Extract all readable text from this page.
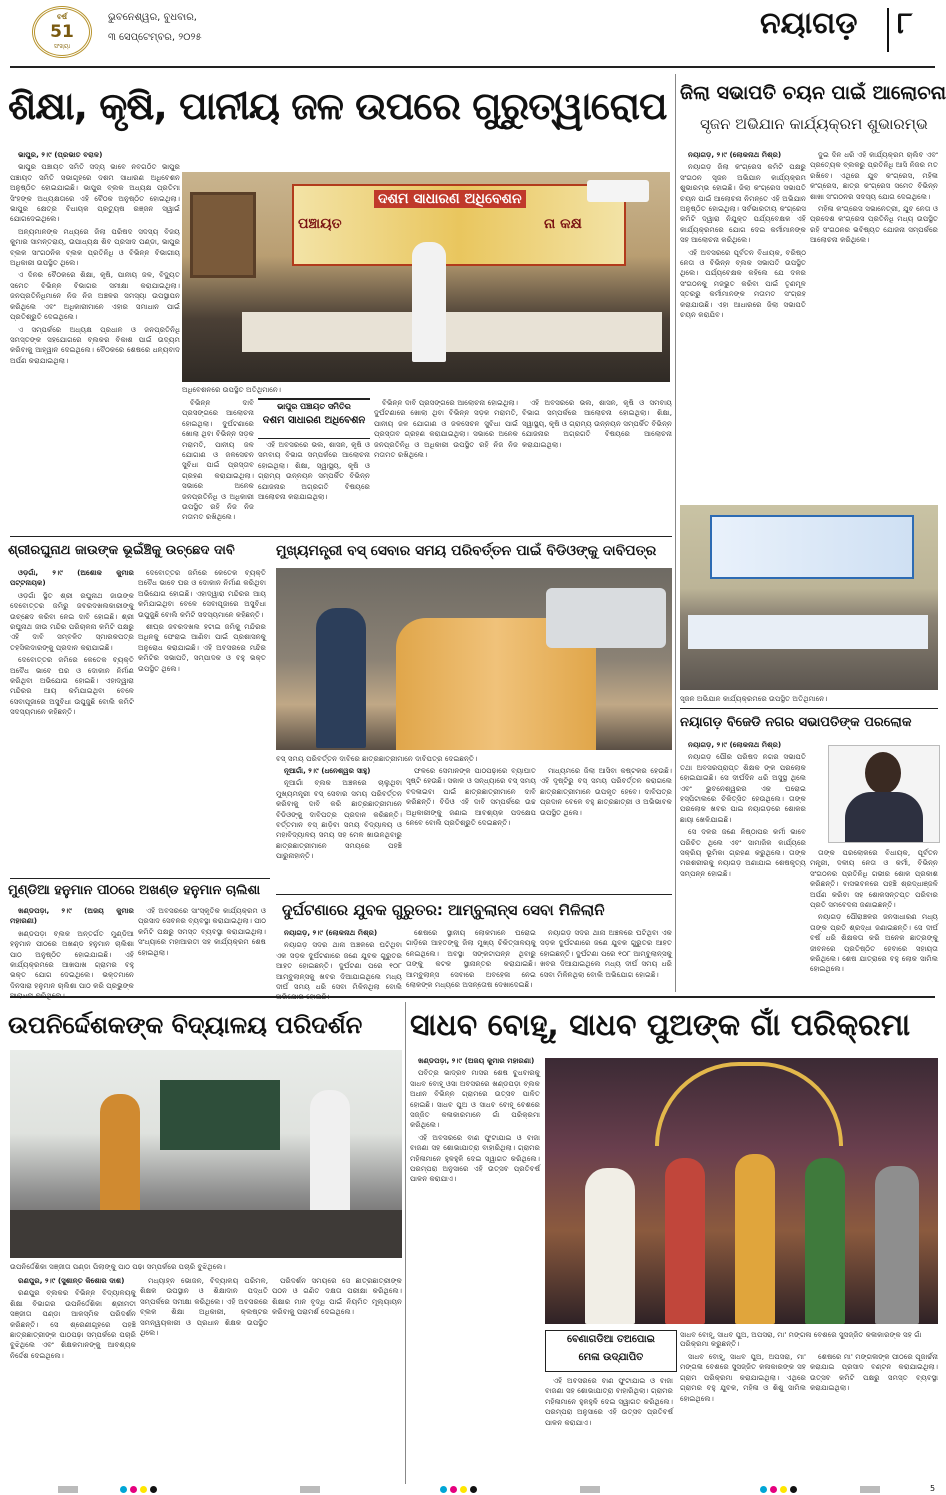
ବର୍ଷ
51
ସଂଖ୍ୟା
ଭୁବନେଶ୍ୱର, ବୁଧବାର,
୩ ସେପ୍ଟେମ୍ବର, ୨୦୨୫	ନୟାଗଡ଼ ୮
ଶିକ୍ଷା, କୃଷି, ପାନୀୟ ଜଳ ଉପରେ ଗୁରୁତ୍ୱାରୋପ

ଭାପୁର, ୨।୯ (ପ୍ରଭାତ ବରାଳ)

ଭାପୁର ପଞ୍ଚାୟତ ସମିତି ସଦ୍ୟ ଭାବେ ନବଗଠିତ ଭାପୁର ପଞ୍ଚାୟତ ସମିତି ସଭାଗୃହରେ ଦଶମ ସାଧାରଣ ଅଧିବେଶନ ଅନୁଷ୍ଠିତ ହୋଇଯାଇଛି। ଭାପୁର ବ୍ଲକ ଅଧ୍ୟକ୍ଷ ପ୍ରତିମା ସିଂହଙ୍କ ଅଧ୍ୟକ୍ଷତାରେ ଏହି ବୈଠକ ଅନୁଷ୍ଠିତ ହୋଇଥିଲା। ଭାପୁର କ୍ଷେତ୍ର ବିଧାୟକ ପ୍ରତ୍ୟୁଷ ରଞ୍ଜନ ସ୍ୱାଇଁ ଯୋଗଦେଇଥିଲେ।

ଅନ୍ୟମାନଙ୍କ ମଧ୍ୟରେ ଜିଲା ପରିଷଦ ସଦସ୍ୟ ବିଜୟ କୁମାର ସାମନ୍ତରାୟ, ଉପାଧ୍ୟକ୍ଷ ଶିବ ପ୍ରସାଦ ପଣ୍ଡା, ଭାପୁର ବ୍ଲକ ସାଂଗଠନିକ ବ୍ଲକ ପ୍ରତିନିଧି ଓ ବିଭିନ୍ନ ବିଭାଗୀୟ ଅଧିକାରୀ ଉପସ୍ଥିତ ଥିଲେ।

ଏ ଦିନର ବୈଠକରେ ଶିକ୍ଷା, କୃଷି, ପାନୀୟ ଜଳ, ବିଦ୍ୟୁତ ସମେତ ବିଭିନ୍ନ ବିଭାଗର ସମୀକ୍ଷା କରାଯାଇଥିଲା। ଜନପ୍ରତିନିଧିମାନେ ନିଜ ନିଜ ଅଞ୍ଚଳର ସମସ୍ୟା ଉପସ୍ଥାପନ କରିଥିଲେ ଏବଂ ଅଧିକାରୀମାନେ ଏହାର ସମାଧାନ ପାଇଁ ପ୍ରତିଶ୍ରୁତି ଦେଇଥିଲେ।

ଏ ସମ୍ପର୍କରେ ଅଧ୍ୟକ୍ଷ ପ୍ରଧାନ ଓ ଜନପ୍ରତିନିଧି ସମସ୍ତଙ୍କ ସହଯୋଗରେ ବ୍ଲକର ବିକାଶ ପାଇଁ ଉଦ୍ୟମ କରିବାକୁ ଆହ୍ୱାନ ଦେଇଥିଲେ। ବୈଠକରେ ଶେଷରେ ଧନ୍ୟବାଦ ଅର୍ପଣ କରାଯାଇଥିଲା।

ପଞ୍ଚାୟତ
ଦଶମ ସାଧାରଣ ଅଧିବେଶନ
ନା କକ୍ଷ
ଅଧିବେଶନରେ ଉପସ୍ଥିତ ଅତିଥିମାନେ।
ଭାପୁର ପଞ୍ଚାୟତ ସମିତିର
ଦଶମ ସାଧାରଣ ଅଧିବେଶନ

ବିଭିନ୍ନ ଦାବି ପ୍ରସଙ୍ଗରେ ଆଲୋଚନା ହୋଇଥିଲା। ଦୁର୍ଘଟଣାରେ ଖୋଲା ଥିବା ବିଭିନ୍ନ ସଡ଼କ ମରାମତି, ପାନୀୟ ଜଳ ଯୋଗାଣ ଓ ଜଳସେଚନ ସୁବିଧା ପାଇଁ ପ୍ରସ୍ତାବ ଗ୍ରହଣ କରାଯାଇଥିଲା। ସଭାରେ ଅନେକ ଜନପ୍ରତିନିଧି ଓ ଅଧିକାରୀ ଉପସ୍ଥିତ ରହି ନିଜ ନିଜ ମତାମତ ରଖିଥିଲେ।

ଏହି ଅବସରରେ ଭଲ, ଶାସନ, କୃଷି ଓ ସମବାୟ ବିଭାଗ ସମ୍ପର୍କରେ ଆଲୋଚନା ହୋଇଥିଲା। ଶିକ୍ଷା, ସ୍ୱାସ୍ଥ୍ୟ, କୃଷି ଓ ଗ୍ରାମ୍ୟ ଉନ୍ନୟନ ସମ୍ପର୍କିତ ବିଭିନ୍ନ ଯୋଜନାର ଅଗ୍ରଗତି ବିଷୟରେ ଆଲୋଚନା କରାଯାଇଥିଲା।

ବିଭିନ୍ନ ଦାବି ପ୍ରସଙ୍ଗରେ ଆଲୋଚନା ହୋଇଥିଲା। ଦୁର୍ଘଟଣାରେ ଖୋଲା ଥିବା ବିଭିନ୍ନ ସଡ଼କ ମରାମତି, ପାନୀୟ ଜଳ ଯୋଗାଣ ଓ ଜଳସେଚନ ସୁବିଧା ପାଇଁ ପ୍ରସ୍ତାବ ଗ୍ରହଣ କରାଯାଇଥିଲା। ସଭାରେ ଅନେକ ଜନପ୍ରତିନିଧି ଓ ଅଧିକାରୀ ଉପସ୍ଥିତ ରହି ନିଜ ନିଜ ମତାମତ ରଖିଥିଲେ।

ଏହି ଅବସରରେ ଭଲ, ଶାସନ, କୃଷି ଓ ସମବାୟ ବିଭାଗ ସମ୍ପର୍କରେ ଆଲୋଚନା ହୋଇଥିଲା। ଶିକ୍ଷା, ସ୍ୱାସ୍ଥ୍ୟ, କୃଷି ଓ ଗ୍ରାମ୍ୟ ଉନ୍ନୟନ ସମ୍ପର୍କିତ ବିଭିନ୍ନ ଯୋଜନାର ଅଗ୍ରଗତି ବିଷୟରେ ଆଲୋଚନା କରାଯାଇଥିଲା।

ଜିଲା ସଭାପତି ଚୟନ ପାଇଁ ଆଲୋଚନା
ସୃଜନ ଅଭିଯାନ କାର୍ଯ୍ୟକ୍ରମ ଶୁଭାରମ୍ଭ

ନୟାଗଡ଼, ୨।୯ (ଲୋକନାଥ ମିଶ୍ର)

ନୟାଗଡ଼ ଜିଲା କଂଗ୍ରେସ କମିଟି ପକ୍ଷରୁ ସଂଗଠନ ସୃଜନ ଅଭିଯାନ କାର୍ଯ୍ୟକ୍ରମ ଶୁଭାରମ୍ଭ ହୋଇଛି। ଜିଲା କଂଗ୍ରେସ ସଭାପତି ଚୟନ ପାଇଁ ଆଲୋଚନା ନିମନ୍ତେ ଏହି ଅଭିଯାନ ଅନୁଷ୍ଠିତ ହୋଇଥିଲା। ସର୍ବଭାରତୀୟ କଂଗ୍ରେସ କମିଟି ଦ୍ୱାରା ନିଯୁକ୍ତ ପର୍ଯ୍ୟବେକ୍ଷକ ଏହି କାର୍ଯ୍ୟକ୍ରମରେ ଯୋଗ ଦେଇ କର୍ମୀମାନଙ୍କ ସହ ଆଲୋଚନା କରିଥିଲେ।

ଏହି ଅବସରରେ ପୂର୍ବତନ ବିଧାୟକ, ବରିଷ୍ଠ ନେତା ଓ ବିଭିନ୍ନ ବ୍ଲକ ସଭାପତି ଉପସ୍ଥିତ ଥିଲେ। ପର୍ଯ୍ୟବେକ୍ଷକ କହିଲେ ଯେ ଦଳର ସଂଗଠନକୁ ମଜଭୁତ କରିବା ପାଇଁ ତୃଣମୂଳ ସ୍ତରରୁ କର୍ମୀମାନଙ୍କ ମତାମତ ସଂଗ୍ରହ କରାଯାଉଛି। ଏହା ଆଧାରରେ ଜିଲା ସଭାପତି ଚୟନ କରାଯିବ।

ଦୁଇ ଦିନ ଧରି ଏହି କାର୍ଯ୍ୟକ୍ରମ ଚାଲିବ ଏବଂ ପ୍ରତ୍ୟେକ ବ୍ଲକରୁ ପ୍ରତିନିଧି ଆସି ନିଜର ମତ ରଖିବେ। ଏଥିରେ ଯୁବ କଂଗ୍ରେସ, ମହିଳା କଂଗ୍ରେସ, ଛାତ୍ର କଂଗ୍ରେସ ସମେତ ବିଭିନ୍ନ ଶାଖା ସଂଗଠନର ସଦସ୍ୟ ଯୋଗ ଦେଇଥିଲେ।

ମହିଳା କଂଗ୍ରେସ ସଭାନେତ୍ରୀ, ଯୁବ ନେତା ଓ ପ୍ରଦେଶ କଂଗ୍ରେସ ପ୍ରତିନିଧି ମଧ୍ୟ ଉପସ୍ଥିତ ରହି ସଂଗଠନର ଭବିଷ୍ୟତ ଯୋଜନା ସମ୍ପର୍କରେ ଆଲୋଚନା କରିଥିଲେ।

ସୃଜନ ଅଭିଯାନ କାର୍ଯ୍ୟକ୍ରମରେ ଉପସ୍ଥିତ ଅତିଥିମାନେ।
ଶ୍ରୀରଘୁନାଥ ଜାଉଙ୍କ ଭୂଇଁଞ୍ଚିକୁ ଉଚ୍ଛେଦ ଦାବି

ଓଡ଼ଗାଁ, ୨।୯ (ଅଶୋକ କୁମାର ପଟ୍ଟନାୟକ)

ଓଡ଼ଗାଁ ସ୍ଥିତ ଶ୍ରୀ ରଘୁନାଥ ଜାଉଙ୍କ ଦେବୋତ୍ତର ଜମିରୁ ଜବରଦଖଲକାରୀଙ୍କୁ ଉଚ୍ଛେଦ କରିବା ନେଇ ଦାବି ହୋଇଛି। ଶ୍ରୀ ରଘୁନାଥ ଜୀଉ ମନ୍ଦିର ପରିଚାଳନା କମିଟି ପକ୍ଷରୁ ଏହି ଦାବି ସମ୍ବଳିତ ସ୍ମାରକପତ୍ର ତହସିଲଦାରଙ୍କୁ ପ୍ରଦାନ କରାଯାଇଛି।

ଦେବୋତ୍ତର ଜମିରେ କେତେକ ବ୍ୟକ୍ତି ଅବୈଧ ଭାବେ ଘର ଓ ଦୋକାନ ନିର୍ମାଣ କରିଥିବା ଅଭିଯୋଗ ହୋଇଛି। ଏହାଦ୍ୱାରା ମନ୍ଦିରର ଆୟ କମିଯାଇଥିବା ବେଳେ ସେବାପୂଜାରେ ଅସୁବିଧା ଉପୁଜୁଛି ବୋଲି କମିଟି ସଦସ୍ୟମାନେ କହିଛନ୍ତି।

ଦେବୋତ୍ତର ଜମିରେ କେତେକ ବ୍ୟକ୍ତି ଅବୈଧ ଭାବେ ଘର ଓ ଦୋକାନ ନିର୍ମାଣ କରିଥିବା ଅଭିଯୋଗ ହୋଇଛି। ଏହାଦ୍ୱାରା ମନ୍ଦିରର ଆୟ କମିଯାଇଥିବା ବେଳେ ସେବାପୂଜାରେ ଅସୁବିଧା ଉପୁଜୁଛି ବୋଲି କମିଟି ସଦସ୍ୟମାନେ କହିଛନ୍ତି।

ଶୀଘ୍ର ଜବରଦଖଲ ହଟାଇ ଜମିକୁ ମନ୍ଦିରର ଅଧିନକୁ ଫେରାଇ ଆଣିବା ପାଇଁ ପ୍ରଶାସନକୁ ଅନୁରୋଧ କରାଯାଇଛି। ଏହି ଅବସରରେ ମନ୍ଦିର କମିଟିର ସଭାପତି, ସମ୍ପାଦକ ଓ ବହୁ ଭକ୍ତ ଉପସ୍ଥିତ ଥିଲେ।

ମୁଖ୍ୟମନ୍ତ୍ରୀ ବସ୍ ସେବାର ସମୟ ପରିବର୍ତ୍ତନ ପାଇଁ ବିଡିଓଙ୍କୁ ଦାବିପତ୍ର
ବସ୍ ସମୟ ପରିବର୍ତ୍ତନ ଦାବିରେ ଛାତ୍ରଛାତ୍ରୀମାନେ ଦାବିପତ୍ର ଦେଇଛନ୍ତି।

ନୂଆଗାଁ, ୨।୯ (ଧନେଶ୍ୱର ସାହୁ)

ନୂଆଗାଁ ବ୍ଲକ ଅଞ୍ଚଳରେ ଚାଲୁଥିବା ମୁଖ୍ୟମନ୍ତ୍ରୀ ବସ୍ ସେବାର ସମୟ ପରିବର୍ତ୍ତନ କରିବାକୁ ଦାବି କରି ଛାତ୍ରଛାତ୍ରୀମାନେ ବିଡିଓଙ୍କୁ ଦାବିପତ୍ର ପ୍ରଦାନ କରିଛନ୍ତି। ବର୍ତ୍ତମାନ ବସ୍ ଛାଡ଼ିବା ସମୟ ବିଦ୍ୟାଳୟ ଓ ମହାବିଦ୍ୟାଳୟ ସମୟ ସହ ମେଳ ଖାଉନଥିବାରୁ ଛାତ୍ରଛାତ୍ରୀମାନେ ସମୟରେ ପହଞ୍ଚି ପାରୁନାହାନ୍ତି।

ଫଳରେ ସେମାନଙ୍କ ପାଠପଢ଼ାରେ ବ୍ୟାଘାତ ସୃଷ୍ଟି ହେଉଛି। ସକାଳ ଓ ସନ୍ଧ୍ୟାରେ ବସ୍ ସମୟ ବଦଳାଇବା ପାଇଁ ଛାତ୍ରଛାତ୍ରୀମାନେ ଦାବି କରିଛନ୍ତି। ବିଡିଓ ଏହି ଦାବି ସମ୍ପର୍କରେ ଉଚ୍ଚ ଅଧିକାରୀଙ୍କୁ ଜଣାଇ ଆବଶ୍ୟକ ପଦକ୍ଷେପ ନେବେ ବୋଲି ପ୍ରତିଶ୍ରୁତି ଦେଇଛନ୍ତି।

ମାଧ୍ୟମରେ ଜିଲା ଆସିବା କଷ୍ଟକର ହେଉଛି। ଏହି ଦୃଷ୍ଟିରୁ ବସ୍ ସମୟ ପରିବର୍ତ୍ତନ କରାଗଲେ ଛାତ୍ରଛାତ୍ରୀମାନେ ଉପକୃତ ହେବେ। ଦାବିପତ୍ର ପ୍ରଦାନ ବେଳେ ବହୁ ଛାତ୍ରଛାତ୍ରୀ ଓ ଅଭିଭାବକ ଉପସ୍ଥିତ ଥିଲେ।

ମୁଣ୍ଡିଆ ହନୁମାନ ପୀଠରେ ଅଖଣ୍ଡ ହନୁମାନ ଚାଲିଶା

ଖଣ୍ଡପଡ଼ା, ୨।୯ (ଅଜୟ କୁମାର ମହାରଣା)

ଖଣ୍ଡପଡ଼ା ବ୍ଲକ ଅନ୍ତର୍ଗତ ମୁଣ୍ଡିଆ ହନୁମାନ ପୀଠରେ ଅଖଣ୍ଡ ହନୁମାନ ଚାଲିଶା ପାଠ ଅନୁଷ୍ଠିତ ହୋଇଯାଇଛି। ଏହି କାର୍ଯ୍ୟକ୍ରମରେ ଆଖପାଖ ଗ୍ରାମର ବହୁ ଭକ୍ତ ଯୋଗ ଦେଇଥିଲେ। ଭକ୍ତମାନେ ଦିନସାରା ହନୁମାନ ଚାଲିଶା ପାଠ କରି ପ୍ରଭୁଙ୍କ

ଏହି ଅବସରରେ ସାଂସ୍କୃତିକ କାର୍ଯ୍ୟକ୍ରମ ଓ ପ୍ରସାଦ ସେବନର ବ୍ୟବସ୍ଥା କରାଯାଇଥିଲା। ପୀଠ କମିଟି ପକ୍ଷରୁ ସମସ୍ତ ବ୍ୟବସ୍ଥା କରାଯାଇଥିଲା। ସଂଧ୍ୟାରେ ମହାଆରତୀ ସହ କାର୍ଯ୍ୟକ୍ରମ ଶେଷ ହୋଇଥିଲା।

ଦୁର୍ଘଟଣାରେ ଯୁବକ ଗୁରୁତର: ଆମ୍ବୁଲାନ୍ସ ସେବା ମିଳିଲାନି

ନୟାଗଡ଼, ୨।୯ (ଲୋକନାଥ ମିଶ୍ର)

ନୟାଗଡ଼ ସଦର ଥାନା ଅଞ୍ଚଳରେ ଘଟିଥିବା ଏକ ସଡ଼କ ଦୁର୍ଘଟଣାରେ ଜଣେ ଯୁବକ ଗୁରୁତର ଆହତ ହୋଇଛନ୍ତି। ଦୁର୍ଘଟଣା ପରେ ୧୦୮ ଆମ୍ବୁଲାନ୍ସକୁ ଖବର ଦିଆଯାଇଥିଲେ ମଧ୍ୟ ଦୀର୍ଘ ସମୟ ଧରି ସେବା ମିଳିନଥିଲା ବୋଲି

ଶେଷରେ ସ୍ଥାନୀୟ ଲୋକମାନେ ଘରୋଇ ଗାଡ଼ିରେ ଆହତଙ୍କୁ ଜିଲା ମୁଖ୍ୟ ଚିକିତ୍ସାଳୟକୁ ନେଇଥିଲେ। ଅବସ୍ଥା ସଙ୍କଟାପନ୍ନ ଥିବାରୁ ତାଙ୍କୁ କଟକ ସ୍ଥାନାନ୍ତର କରାଯାଇଛି। ଆମ୍ବୁଲାନ୍ସ ସେବାରେ ଅବହେଳା ନେଇ ଲୋକଙ୍କ ମଧ୍ୟରେ ଅସନ୍ତୋଷ ଦେଖାଦେଇଛି।

ନୟାଗଡ଼ ସଦର ଥାନା ଅଞ୍ଚଳରେ ଘଟିଥିବା ଏକ ସଡ଼କ ଦୁର୍ଘଟଣାରେ ଜଣେ ଯୁବକ ଗୁରୁତର ଆହତ ହୋଇଛନ୍ତି। ଦୁର୍ଘଟଣା ପରେ ୧୦୮ ଆମ୍ବୁଲାନ୍ସକୁ ଖବର ଦିଆଯାଇଥିଲେ ମଧ୍ୟ ଦୀର୍ଘ ସମୟ ଧରି ସେବା ମିଳିନଥିଲା ବୋଲି ଅଭିଯୋଗ ହୋଇଛି।

ନୟାଗଡ଼ ବିଜେଡି ନଗର ସଭାପତିଙ୍କ ପରଲୋକ

ନୟାଗଡ଼, ୨।୯ (ଲୋକନାଥ ମିଶ୍ର)

ନୟାଗଡ଼ ପୌର ପରିଷଦ ନଗର ସଭାପତି ତଥା ଅବସରପ୍ରାପ୍ତ ଶିକ୍ଷକ ଙ୍କ ପରଲୋକ ହୋଇଯାଇଛି। ସେ ଦୀର୍ଘଦିନ ଧରି ଅସୁସ୍ଥ ଥିଲେ ଏବଂ ଭୁବନେଶ୍ୱରର ଏକ ଘରୋଇ ହସ୍ପିଟାଲରେ ଚିକିତ୍ସିତ ହେଉଥିଲେ। ତାଙ୍କ ପରଲୋକ ଖବର ପାଇ ନୟାଗଡ଼ରେ ଶୋକର ଛାୟା ଖେଳିଯାଇଛି।

ସେ ଦଳର ଜଣେ ନିଷ୍ଠାପର କର୍ମୀ ଭାବେ ପରିଚିତ ଥିଲେ ଏବଂ ସାମାଜିକ କାର୍ଯ୍ୟରେ ସକ୍ରିୟ ଭୂମିକା ଗ୍ରହଣ କରୁଥିଲେ। ତାଙ୍କ ମରଶରୀରକୁ ନୟାଗଡ଼ ଅଣାଯାଇ ଶେଷକୃତ୍ୟ ସମ୍ପନ୍ନ ହୋଇଛି।

ତାଙ୍କ ପରଲୋକରେ ବିଧାୟକ, ପୂର୍ବତନ ମନ୍ତ୍ରୀ, ଦଳୀୟ ନେତା ଓ କର୍ମୀ, ବିଭିନ୍ନ ସଂଗଠନର ପ୍ରତିନିଧି ଗଭୀର ଶୋକ ପ୍ରକାଶ କରିଛନ୍ତି। ବାସଭବନରେ ପହଞ୍ଚି ଶ୍ରଦ୍ଧାଞ୍ଜଳି ଅର୍ପଣ କରିବା ସହ ଶୋକସନ୍ତପ୍ତ ପରିବାର ପ୍ରତି ସମବେଦନା ଜଣାଇଛନ୍ତି।

ନୟାଗଡ଼ ପୌରାଞ୍ଚଳର ଜନସାଧାରଣ ମଧ୍ୟ ତାଙ୍କ ପ୍ରତି ଶ୍ରଦ୍ଧା ଜଣାଇଛନ୍ତି। ସେ ଦୀର୍ଘ ବର୍ଷ ଧରି ଶିକ୍ଷକତା କରି ଅନେକ ଛାତ୍ରଙ୍କୁ ଜୀବନରେ ପ୍ରତିଷ୍ଠିତ ହେବାରେ ସହାୟତା କରିଥିଲେ। ଶେଷ ଯାତ୍ରାରେ ବହୁ ଲୋକ ସାମିଲ ହୋଇଥିଲେ।

ଉପନିର୍ଦ୍ଦେଶକଙ୍କ ବିଦ୍ୟାଳୟ ପରିଦର୍ଶନ
ଉପନିର୍ଦ୍ଦେଶିକା ସଞ୍ଜୀତା ପଣ୍ଡା ପିଲାଙ୍କୁ ପାଠ ପଢା ସମ୍ପର୍କରେ ପଚାରି ବୁଝିଥିଲେ।

ରଣପୁର, ୨।୯ (ସୁଶାନ୍ତ କିଶୋର ଦାଶ)

ରଣପୁର ବ୍ଲକର ବିଭିନ୍ନ ବିଦ୍ୟାଳୟକୁ ଶିକ୍ଷା ବିଭାଗର ଉପନିର୍ଦ୍ଦେଶିକା ଶ୍ରୀମତୀ ସଞ୍ଜୀତା ପଣ୍ଡା ଆକସ୍ମିକ ପରିଦର୍ଶନ କରିଛନ୍ତି। ସେ ଶ୍ରେଣୀଗୃହରେ ପହଞ୍ଚି ଛାତ୍ରଛାତ୍ରୀଙ୍କ ପାଠପଢ଼ା ସମ୍ପର୍କରେ ପଚାରି ବୁଝିଥିଲେ ଏବଂ ଶିକ୍ଷକମାନଙ୍କୁ ଆବଶ୍ୟକ ନିର୍ଦ୍ଦେଶ ଦେଇଥିଲେ।

ମଧ୍ୟାହ୍ନ ଭୋଜନ, ବିଦ୍ୟାଳୟ ପରିମଳ, ଶିକ୍ଷକ ଉପସ୍ଥାନ ଓ ଶିକ୍ଷାଦାନ ପଦ୍ଧତି ସମ୍ପର୍କରେ ସମୀକ୍ଷା କରିଥିଲେ। ଏହି ଅବସରରେ ବ୍ଲକ ଶିକ୍ଷା ଅଧିକାରୀ, କ୍ଲଷ୍ଟର ସମନ୍ୱୟକାରୀ ଓ ପ୍ରଧାନ ଶିକ୍ଷକ ଉପସ୍ଥିତ ଥିଲେ।

ପରିଦର୍ଶନ ସମୟରେ ସେ ଛାତ୍ରଛାତ୍ରୀଙ୍କ ପଠନ ଓ ଗଣିତ ଦକ୍ଷତା ପରୀକ୍ଷା କରିଥିଲେ। ଶିକ୍ଷାର ମାନ ବୃଦ୍ଧି ପାଇଁ ନିୟମିତ ମୂଲ୍ୟାୟନ କରିବାକୁ ପରାମର୍ଶ ଦେଇଥିଲେ।

ସାଧବ ବୋହୂ, ସାଧବ ପୁଅଙ୍କ ଗାଁ ପରିକ୍ରମା

ଖଣ୍ଡପଡ଼ା, ୨।୯ (ଅଜୟ କୁମାର ମହାରଣା)

ପବିତ୍ର ଭାଦ୍ରବ ମାସର ଶେଷ ବୁଧବାରକୁ ସାଧବ ବୋହୂ ଓସା ଅବସରରେ ଖଣ୍ଡପଡ଼ା ବ୍ଲକ ଅଧୀନ ବିଭିନ୍ନ ଗ୍ରାମରେ ଉତ୍ସବ ପାଳିତ ହୋଇଛି। ସାଧବ ପୁଅ ଓ ସାଧବ ବୋହୂ ବେଶରେ ସଜ୍ଜିତ କଳାକାରମାନେ ଗାଁ ପରିକ୍ରମା କରିଥିଲେ।

ଏହି ଅବସରରେ ବାଣ ଫୁଟାଯାଇ ଓ ବାଜା ବାଜଣା ସହ ଶୋଭାଯାତ୍ରା ବାହାରିଥିଲା। ଗ୍ରାମର ମହିଳାମାନେ ହୁଳହୁଳି ଦେଇ ସ୍ୱାଗତ କରିଥିଲେ। ପରମ୍ପରା ଅନୁସାରେ ଏହି ଉତ୍ସବ ପ୍ରତିବର୍ଷ ପାଳନ କରାଯାଏ।

ବେଣାଗଡିଆ ତଅପୋଇ
ମେଳା ଉଦ୍‌ଯାପିତ
ସାଧବ ବୋହୂ, ସାଧବ ପୁଅ, ଅପସରା, ମା' ମଙ୍ଗଳା ବେଶରେ ସୁସଜ୍ଜିତ କଳାକାରଙ୍କ ସହ ଗାଁ ପରିକ୍ରମା କରୁଛନ୍ତି।

ଏହି ଅବସରରେ ବାଣ ଫୁଟାଯାଇ ଓ ବାଜା ବାଜଣା ସହ ଶୋଭାଯାତ୍ରା ବାହାରିଥିଲା। ଗ୍ରାମର ମହିଳାମାନେ ହୁଳହୁଳି ଦେଇ ସ୍ୱାଗତ କରିଥିଲେ। ପରମ୍ପରା ଅନୁସାରେ ଏହି ଉତ୍ସବ ପ୍ରତିବର୍ଷ ପାଳନ କରାଯାଏ।

ସାଧବ ବୋହୂ, ସାଧବ ପୁଅ, ଅପସରା, ମା' ମଙ୍ଗଳା ବେଶରେ ସୁସଜ୍ଜିତ କଳାକାରଙ୍କ ସହ ଗ୍ରାମ ପରିକ୍ରମା କରାଯାଇଥିଲା। ଏଥିରେ ଗ୍ରାମର ବହୁ ଯୁବକ, ମହିଳା ଓ ଶିଶୁ ସାମିଲ ହୋଇଥିଲେ।

ଶେଷରେ ମା' ମଙ୍ଗଳାଙ୍କ ପୀଠରେ ପୂଜାର୍ଚ୍ଚନା କରାଯାଇ ପ୍ରସାଦ ବଣ୍ଟନ କରାଯାଇଥିଲା। ଉତ୍ସବ କମିଟି ପକ୍ଷରୁ ସମସ୍ତ ବ୍ୟବସ୍ଥା କରାଯାଇଥିଲା।

5
